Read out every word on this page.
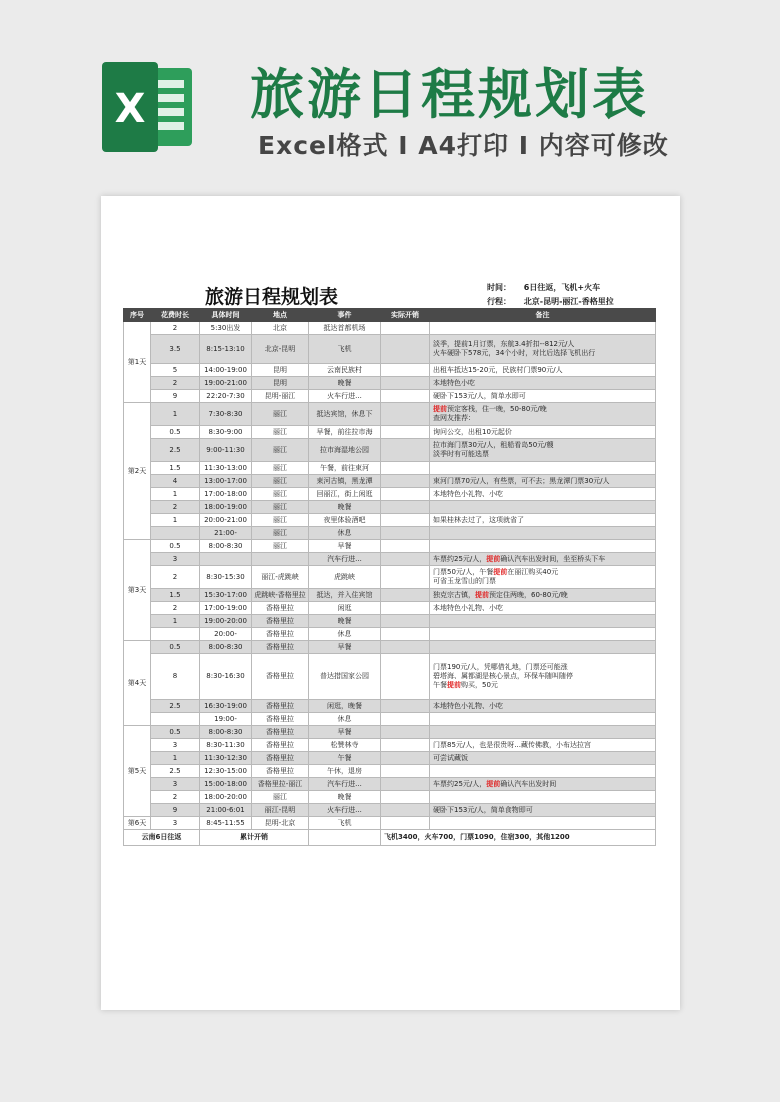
X 旅游日程规划表
Excel格式 I A4打印 I 内容可修改
旅游日程规划表	时间： 6日往返，飞机+火车
行程： 北京-昆明-丽江-香格里拉
序号	花费时长	具体时间	地点	事件	实际开销	备注
第1天	2	5:30出发	北京	抵达首都机场		
	3.5	8:15-13:10	北京-昆明	飞机		淡季，提前1月订票，东航3.4折扣--812元/人
火车硬卧下578元，34个小时，对比后选择飞机出行
	5	14:00-19:00	昆明	云南民族村		出租车抵达15-20元，民族村门票90元/人
	2	19:00-21:00	昆明	晚餐		本地特色小吃
	9	22:20-7:30	昆明-丽江	火车行进...		硬卧下153元/人，简单水即可
第2天	1	7:30-8:30	丽江	抵达宾馆，休息下		提前预定客栈，住一晚，50-80元/晚
查网友推荐：
	0.5	8:30-9:00	丽江	早餐，前往拉市海		询问公交，出租10元起价
	2.5	9:00-11:30	丽江	拉市海湿地公园		拉市海门票30元/人，租船看岛50元/艘
淡季时有可能选票
	1.5	11:30-13:00	丽江	午餐，前往束河		
	4	13:00-17:00	丽江	束河古镇，黑龙潭		束河门票70元/人，有些票，可不去；黑龙潭门票30元/人
	1	17:00-18:00	丽江	回丽江，街上闲逛		本地特色小礼物、小吃
	2	18:00-19:00	丽江	晚餐		
	1	20:00-21:00	丽江	夜里体验酒吧		如果桂林去过了，这项就省了
		21:00-	丽江	休息		
第3天	0.5	8:00-8:30	丽江	早餐		
	3			汽车行进...		车票约25元/人，提前确认汽车出发时间，坐至桥头下车
	2	8:30-15:30	丽江-虎跳峡	虎跳峡		门票50元/人，午餐提前在丽江购买40元
可省玉龙雪山的门票
	1.5	15:30-17:00	虎跳峡-香格里拉	抵达，并入住宾馆		独克宗古镇，提前预定住两晚，60-80元/晚
	2	17:00-19:00	香格里拉	闲逛		本地特色小礼物、小吃
	1	19:00-20:00	香格里拉	晚餐		
		20:00-	香格里拉	休息		
第4天	0.5	8:00-8:30	香格里拉	早餐		
	8	8:30-16:30	香格里拉	普达措国家公园		门票190元/人，凭哪借礼地，门票还可能涨
碧塔海、属都湖是核心景点，环保车随叫随停
午餐提前购买，50元
	2.5	16:30-19:00	香格里拉	闲逛，晚餐		本地特色小礼物、小吃
		19:00-	香格里拉	休息		
第5天	0.5	8:00-8:30	香格里拉	早餐		
	3	8:30-11:30	香格里拉	松赞林寺		门票85元/人，也是很贵呀...藏传佛教，小布达拉宫
	1	11:30-12:30	香格里拉	午餐		可尝试藏饭
	2.5	12:30-15:00	香格里拉	午休，退房		
	3	15:00-18:00	香格里拉-丽江	汽车行进...		车票约25元/人，提前确认汽车出发时间
	2	18:00-20:00	丽江	晚餐		
	9	21:00-6:01	丽江-昆明	火车行进...		硬卧下153元/人，简单食物即可
第6天	3	8:45-11:55	昆明-北京	飞机		
云南6日往返		累计开销			飞机3400，火车700，门票1090，住宿300，其他1200	
